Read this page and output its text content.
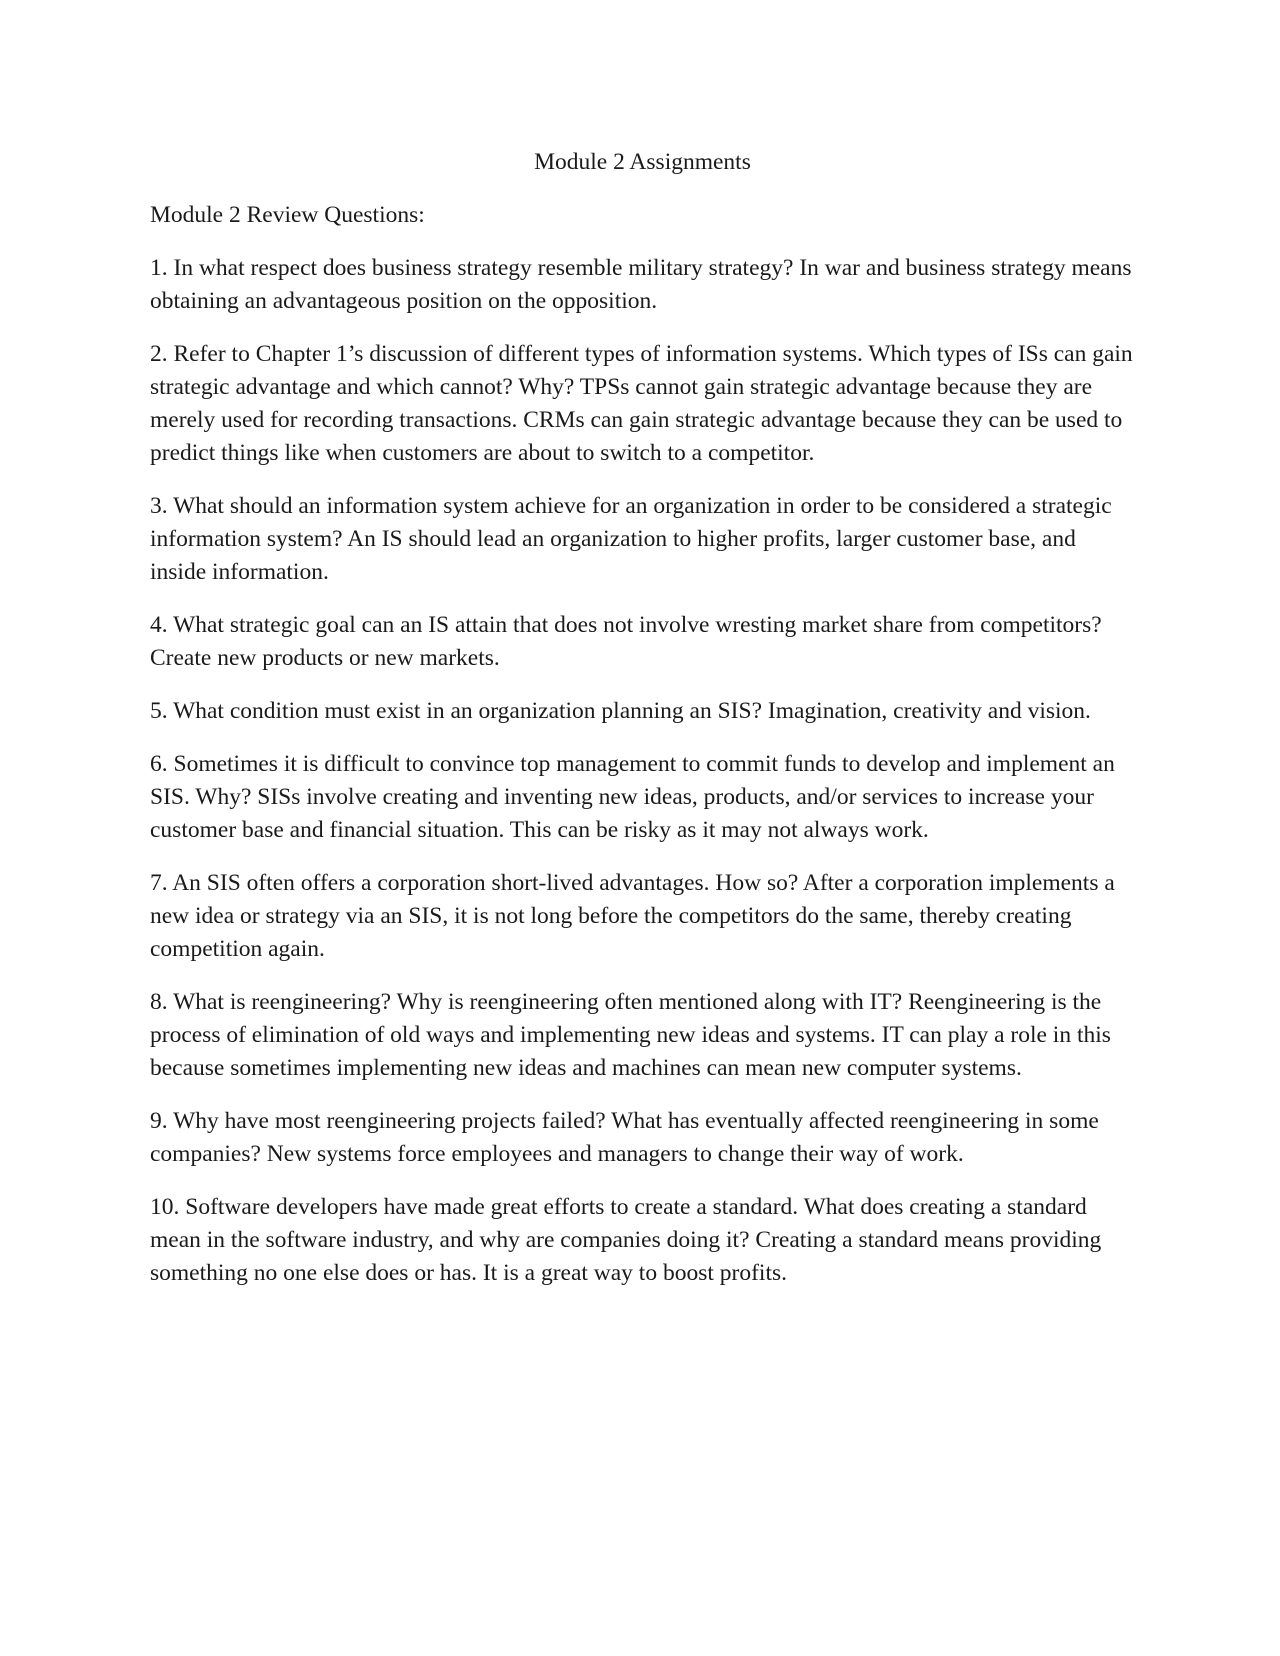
Module 2 Assignments

Module 2 Review Questions:

1. In what respect does business strategy resemble military strategy? In war and business strategy means obtaining an advantageous position on the opposition.

2. Refer to Chapter 1’s discussion of different types of information systems. Which types of ISs can gain strategic advantage and which cannot? Why? TPSs cannot gain strategic advantage because they are merely used for recording transactions. CRMs can gain strategic advantage because they can be used to predict things like when customers are about to switch to a competitor.

3. What should an information system achieve for an organization in order to be considered a strategic information system? An IS should lead an organization to higher profits, larger customer base, and inside information.

4. What strategic goal can an IS attain that does not involve wresting market share from competitors? Create new products or new markets.

5. What condition must exist in an organization planning an SIS? Imagination, creativity and vision.

6. Sometimes it is difficult to convince top management to commit funds to develop and implement an SIS. Why? SISs involve creating and inventing new ideas, products, and/or services to increase your customer base and financial situation. This can be risky as it may not always work.

7. An SIS often offers a corporation short-lived advantages. How so? After a corporation implements a new idea or strategy via an SIS, it is not long before the competitors do the same, thereby creating competition again.

8. What is reengineering? Why is reengineering often mentioned along with IT? Reengineering is the process of elimination of old ways and implementing new ideas and systems. IT can play a role in this because sometimes implementing new ideas and machines can mean new computer systems.

9. Why have most reengineering projects failed? What has eventually affected reengineering in some companies? New systems force employees and managers to change their way of work.

10. Software developers have made great efforts to create a standard. What does creating a standard mean in the software industry, and why are companies doing it? Creating a standard means providing something no one else does or has. It is a great way to boost profits.
